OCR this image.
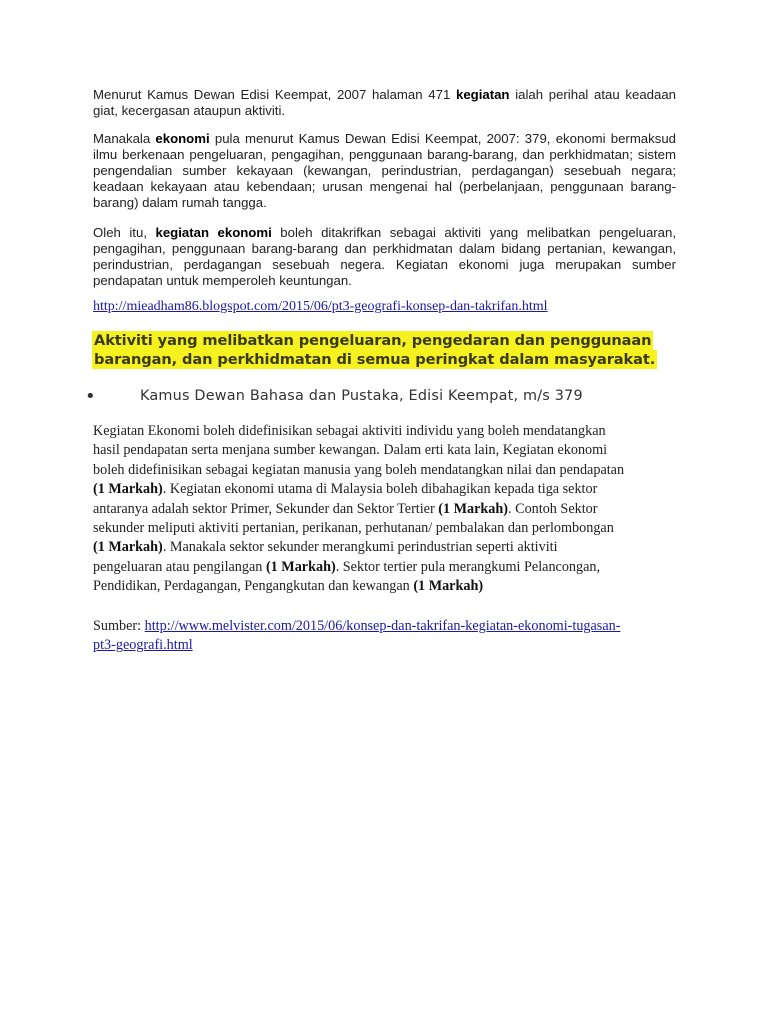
Menurut Kamus Dewan Edisi Keempat, 2007 halaman 471 kegiatan ialah perihal atau keadaan giat, kecergasan ataupun aktiviti.

Manakala ekonomi pula menurut Kamus Dewan Edisi Keempat, 2007: 379, ekonomi bermaksud ilmu berkenaan pengeluaran, pengagihan, penggunaan barang-barang, dan perkhidmatan; sistem pengendalian sumber kekayaan (kewangan, perindustrian, perdagangan) sesebuah negara; keadaan kekayaan atau kebendaan; urusan mengenai hal (perbelanjaan, penggunaan barang-barang) dalam rumah tangga.

Oleh itu, kegiatan ekonomi boleh ditakrifkan sebagai aktiviti yang melibatkan pengeluaran, pengagihan, penggunaan barang-barang dan perkhidmatan dalam bidang pertanian, kewangan, perindustrian, perdagangan sesebuah negera. Kegiatan ekonomi juga merupakan sumber pendapatan untuk memperoleh keuntungan.

http://mieadham86.blogspot.com/2015/06/pt3-geografi-konsep-dan-takrifan.html
Aktiviti yang melibatkan pengeluaran, pengedaran dan penggunaan
barangan, dan perkhidmatan di semua peringkat dalam masyarakat.
•	Kamus Dewan Bahasa dan Pustaka, Edisi Keempat, m/s 379
Kegiatan Ekonomi boleh didefinisikan sebagai aktiviti individu yang boleh mendatangkan
hasil pendapatan serta menjana sumber kewangan. Dalam erti kata lain, Kegiatan ekonomi
boleh didefinisikan sebagai kegiatan manusia yang boleh mendatangkan nilai dan pendapatan
(1 Markah). Kegiatan ekonomi utama di Malaysia boleh dibahagikan kepada tiga sektor
antaranya adalah sektor Primer, Sekunder dan Sektor Tertier (1 Markah). Contoh Sektor
sekunder meliputi aktiviti pertanian, perikanan, perhutanan/ pembalakan dan perlombongan
(1 Markah). Manakala sektor sekunder merangkumi perindustrian seperti aktiviti
pengeluaran atau pengilangan (1 Markah). Sektor tertier pula merangkumi Pelancongan,
Pendidikan, Perdagangan, Pengangkutan dan kewangan (1 Markah)
Sumber: http://www.melvister.com/2015/06/konsep-dan-takrifan-kegiatan-ekonomi-tugasan-
pt3-geografi.html
